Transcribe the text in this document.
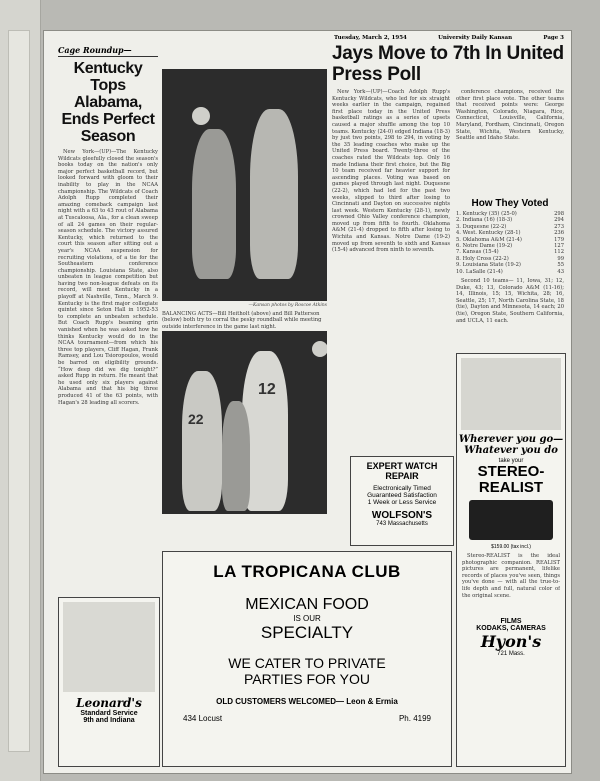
Tuesday, March 2, 1954	University Daily Kansan	Page 3
Cage Roundup—
Kentucky Tops Alabama, Ends Perfect Season

New York—(UP)—The Kentucky Wildcats gleefully closed the season's books today on the nation's only major perfect basketball record, but looked forward with gloom to their inability to play in the NCAA championship. The Wildcats of Coach Adolph Rupp completed their amazing comeback campaign last night with a 63 to 43 rout of Alabama at Tuscaloosa, Ala., for a clean sweep of all 24 games on their regular-season schedule. The victory assured Kentucky, which returned to the court this season after sitting out a year's NCAA suspension for recruiting violations, of a tie for the Southeastern conference championship. Louisiana State, also unbeaten in league competition but having two non-league defeats on its record, will meet Kentucky in a playoff at Nashville, Tenn., March 9. Kentucky is the first major collegiate quintet since Seton Hall in 1952-53 to complete an unbeaten schedule. But Coach Rupp's beaming grin vanished when he was asked how he thinks Kentucky would do in the NCAA tournament—from which his three top players, Cliff Hagan, Frank Ramsey, and Lou Tsioropoulos, would be barred on eligibility grounds. “How deep did we dig tonight?” asked Rupp in return. He meant that he used only six players against Alabama and that his big three produced 41 of the 63 points, with Hagan's 28 leading all scorers.

—Kansan photos by Roscoe Atkins
BALANCING ACTS—Bill Heitholt (above) and Bill Patterson (below) both try to corral the pesky roundball while meeting outside interference in the game last night.
12
22
Jays Move to 7th In United Press Poll

New York—(UP)—Coach Adolph Rupp's Kentucky Wildcats, who led for six straight weeks earlier in the campaign, regained first place today in the United Press basketball ratings as a series of upsets caused a major shuffle among the top 10 teams. Kentucky (24-0) edged Indiana (18-3) by just two points, 298 to 294, in voting by the 35 leading coaches who make up the United Press board. Twenty-three of the coaches rated the Wildcats top. Only 16 made Indiana their first choice, but the Big 10 team received far heavier support for ascending places. Voting was based on games played through last night. Duquesne (22-2), which had led for the past two weeks, slipped to third after losing to Cincinnati and Dayton on successive nights last week. Western Kentucky (28-1), newly crowned Ohio Valley conference champion, moved up from fifth to fourth. Oklahoma A&M (21-4) dropped to fifth after losing to Wichita and Kansas. Notre Dame (19-2) moved up from seventh to sixth and Kansas (15-4) advanced from ninth to seventh.

conference champions, received the other first place vote. The other teams that received points were: George Washington, Colorado, Niagara, Rice, Connecticut, Louisville, California, Maryland, Fordham, Cincinnati, Oregon State, Wichita, Western Kentucky, Seattle and Idaho State.

How They Voted
1. Kentucky (35) (25-0)	298
2. Indiana (16) (18-3)	294
3. Duquesne (22-2)	273
4. West. Kentucky (28-1)	236
5. Oklahoma A&M (21-4)	179
6. Notre Dame (19-2)	127
7. Kansas (15-4)	112
8. Holy Cross (22-2)	99
9. Louisiana State (19-2)	55
10. LaSalle (21-4)	43

Second 10 teams— 11, Iowa, 31; 12, Duke, 43; 13, Colorado A&M (11-16); 14, Illinois, 15; 15, Wichita, 28; 16, Seattle, 25; 17, North Carolina State, 18 (tie), Dayton and Minnesota, 14 each; 20 (tie), Oregon State, Southern California, and UCLA, 11 each.

EXPERT WATCH REPAIR
Electronically Timed
Guaranteed Satisfaction
1 Week or Less Service
WOLFSON'S
743 Massachusetts
Wherever you go—
Whatever you do
take your
STEREO-REALIST
$159.00 (tax incl.)

Stereo-REALIST is the ideal photographic companion. REALIST pictures are permanent, lifelike records of places you've seen, things you've done — with all the true-to-life depth and full, natural color of the original scene.

FILMS
KODAKS, CAMERAS
Hyon's
721 Mass.
LA TROPICANA CLUB
MEXICAN FOOD
IS OUR
SPECIALTY
WE CATER TO PRIVATE
PARTIES FOR YOU
OLD CUSTOMERS WELCOMED— Leon & Ermia
434 Locust	Ph. 4199
Leonard's
Standard Service
9th and Indiana
